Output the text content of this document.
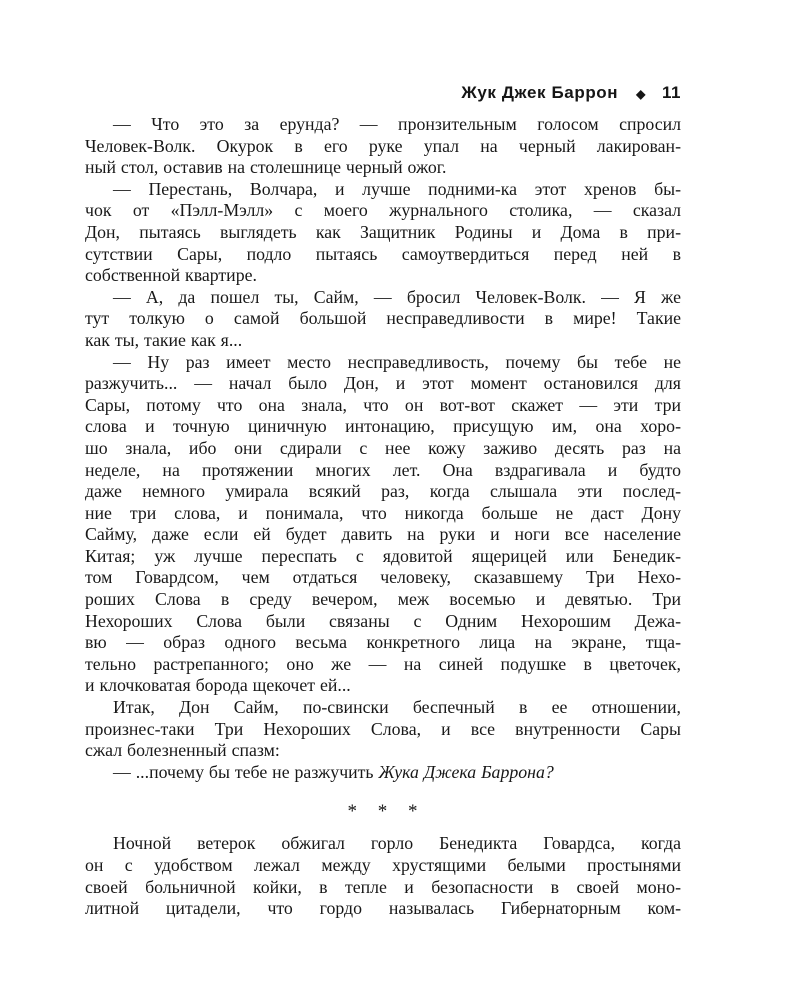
Жук Джек Баррон ◆ 11
— Что это за ерунда? — пронзительным голосом спросил
Человек-Волк. Окурок в его руке упал на черный лакирован-
ный стол, оставив на столешнице черный ожог.
— Перестань, Волчара, и лучше подними-ка этот хренов бы-
чок от «Пэлл-Мэлл» с моего журнального столика, — сказал
Дон, пытаясь выглядеть как Защитник Родины и Дома в при-
сутствии Сары, подло пытаясь самоутвердиться перед ней в
собственной квартире.
— А, да пошел ты, Сайм, — бросил Человек-Волк. — Я же
тут толкую о самой большой несправедливости в мире! Такие
как ты, такие как я...
— Ну раз имеет место несправедливость, почему бы тебе не
разжучить... — начал было Дон, и этот момент остановился для
Сары, потому что она знала, что он вот-вот скажет — эти три
слова и точную циничную интонацию, присущую им, она хоро-
шо знала, ибо они сдирали с нее кожу заживо десять раз на
неделе, на протяжении многих лет. Она вздрагивала и будто
даже немного умирала всякий раз, когда слышала эти послед-
ние три слова, и понимала, что никогда больше не даст Дону
Сайму, даже если ей будет давить на руки и ноги все население
Китая; уж лучше переспать с ядовитой ящерицей или Бенедик-
том Говардсом, чем отдаться человеку, сказавшему Три Нехо-
роших Слова в среду вечером, меж восемью и девятью. Три
Нехороших Слова были связаны с Одним Нехорошим Дежа-
вю — образ одного весьма конкретного лица на экране, тща-
тельно растрепанного; оно же — на синей подушке в цветочек,
и клочковатая борода щекочет ей...
Итак, Дон Сайм, по-свински беспечный в ее отношении,
произнес-таки Три Нехороших Слова, и все внутренности Сары
сжал болезненный спазм:
— ...почему бы тебе не разжучить Жука Джека Баррона?
* * *
Ночной ветерок обжигал горло Бенедикта Говардса, когда
он с удобством лежал между хрустящими белыми простынями
своей больничной койки, в тепле и безопасности в своей моно-
литной цитадели, что гордо называлась Гибернаторным ком-
